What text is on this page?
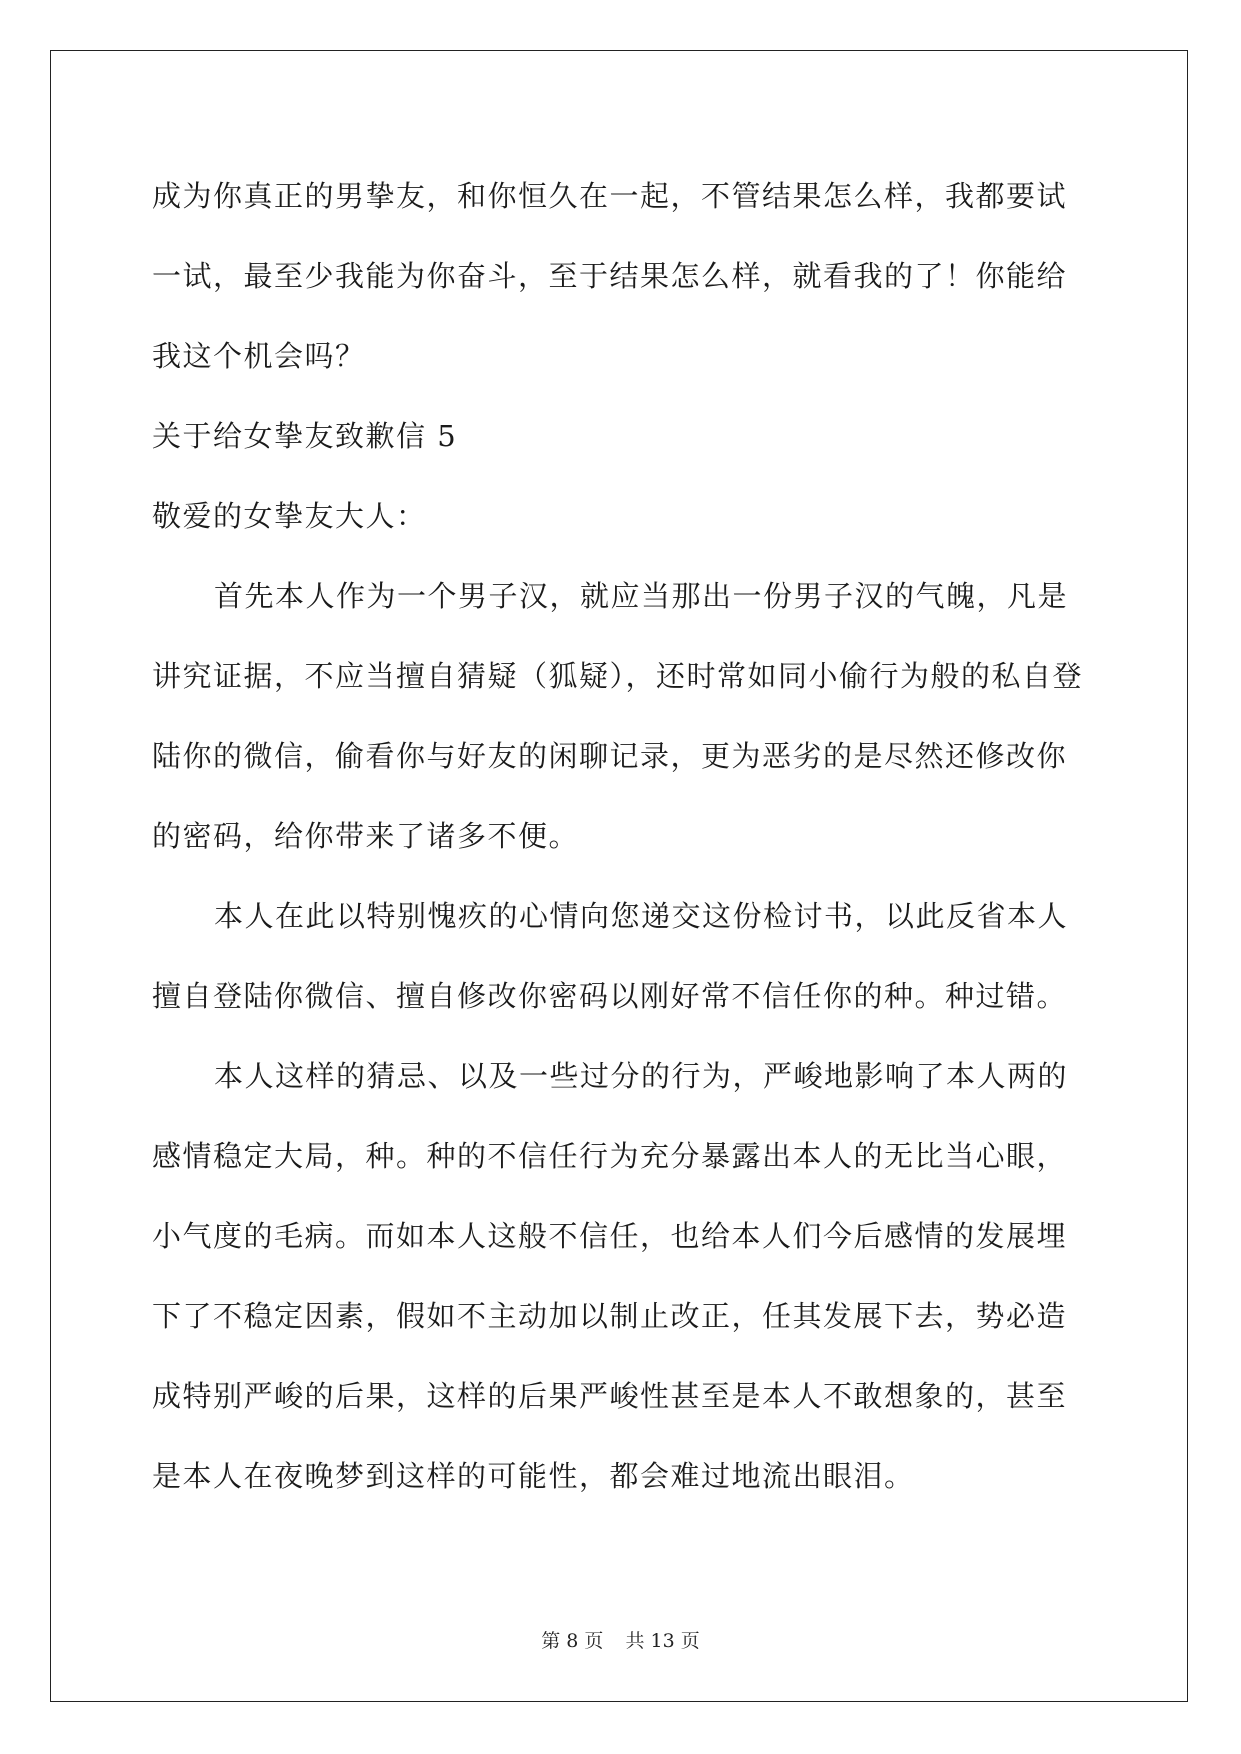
成为你真正的男挚友，和你恒久在一起，不管结果怎么样，我都要试
一试，最至少我能为你奋斗，至于结果怎么样，就看我的了！你能给
我这个机会吗？
关于给女挚友致歉信 5
敬爱的女挚友大人：
首先本人作为一个男子汉，就应当那出一份男子汉的气魄，凡是
讲究证据，不应当擅自猜疑（狐疑），还时常如同小偷行为般的私自登
陆你的微信，偷看你与好友的闲聊记录，更为恶劣的是尽然还修改你
的密码，给你带来了诸多不便。
本人在此以特别愧疚的心情向您递交这份检讨书，以此反省本人
擅自登陆你微信、擅自修改你密码以刚好常不信任你的种。种过错。
本人这样的猜忌、以及一些过分的行为，严峻地影响了本人两的
感情稳定大局，种。种的不信任行为充分暴露出本人的无比当心眼，
小气度的毛病。而如本人这般不信任，也给本人们今后感情的发展埋
下了不稳定因素，假如不主动加以制止改正，任其发展下去，势必造
成特别严峻的后果，这样的后果严峻性甚至是本人不敢想象的，甚至
是本人在夜晚梦到这样的可能性，都会难过地流出眼泪。
第 8 页 共 13 页
